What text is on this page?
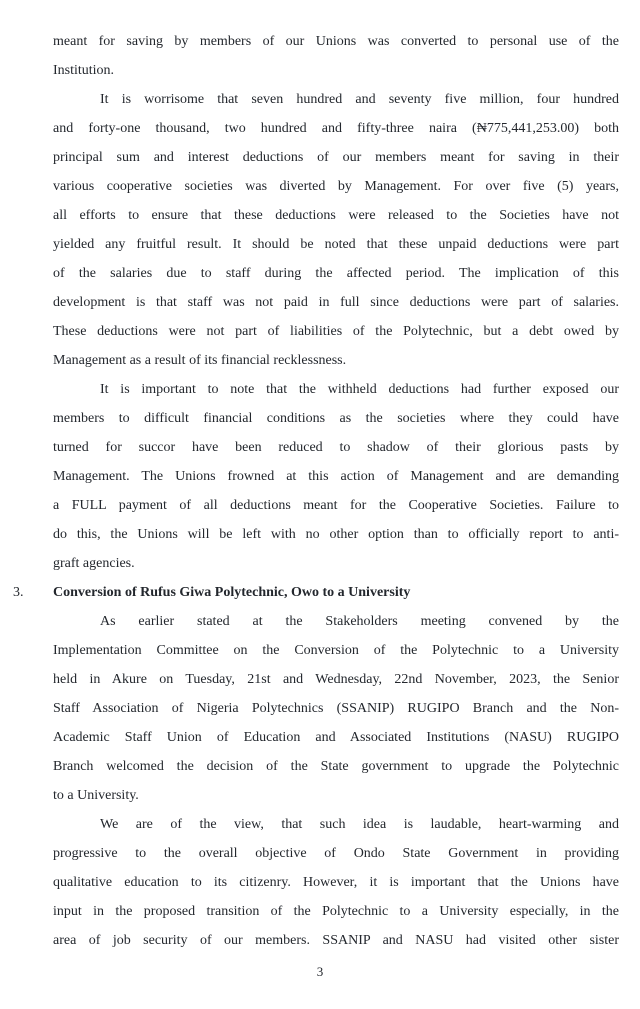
meant for saving by members of our Unions was converted to personal use of the
Institution.
It is worrisome that seven hundred and seventy five million, four hundred
and forty-one thousand, two hundred and fifty-three naira (₦775,441,253.00) both
principal sum and interest deductions of our members meant for saving in their
various cooperative societies was diverted by Management. For over five (5) years,
all efforts to ensure that these deductions were released to the Societies have not
yielded any fruitful result. It should be noted that these unpaid deductions were part
of the salaries due to staff during the affected period. The implication of this
development is that staff was not paid in full since deductions were part of salaries.
These deductions were not part of liabilities of the Polytechnic, but a debt owed by
Management as a result of its financial recklessness.
It is important to note that the withheld deductions had further exposed our
members to difficult financial conditions as the societies where they could have
turned for succor have been reduced to shadow of their glorious pasts by
Management. The Unions frowned at this action of Management and are demanding
a FULL payment of all deductions meant for the Cooperative Societies. Failure to
do this, the Unions will be left with no other option than to officially report to anti-
graft agencies.
3. Conversion of Rufus Giwa Polytechnic, Owo to a University
As earlier stated at the Stakeholders meeting convened by the
Implementation Committee on the Conversion of the Polytechnic to a University
held in Akure on Tuesday, 21st and Wednesday, 22nd November, 2023, the Senior
Staff Association of Nigeria Polytechnics (SSANIP) RUGIPO Branch and the Non-
Academic Staff Union of Education and Associated Institutions (NASU) RUGIPO
Branch welcomed the decision of the State government to upgrade the Polytechnic
to a University.
We are of the view, that such idea is laudable, heart-warming and
progressive to the overall objective of Ondo State Government in providing
qualitative education to its citizenry. However, it is important that the Unions have
input in the proposed transition of the Polytechnic to a University especially, in the
area of job security of our members. SSANIP and NASU had visited other sister
3
